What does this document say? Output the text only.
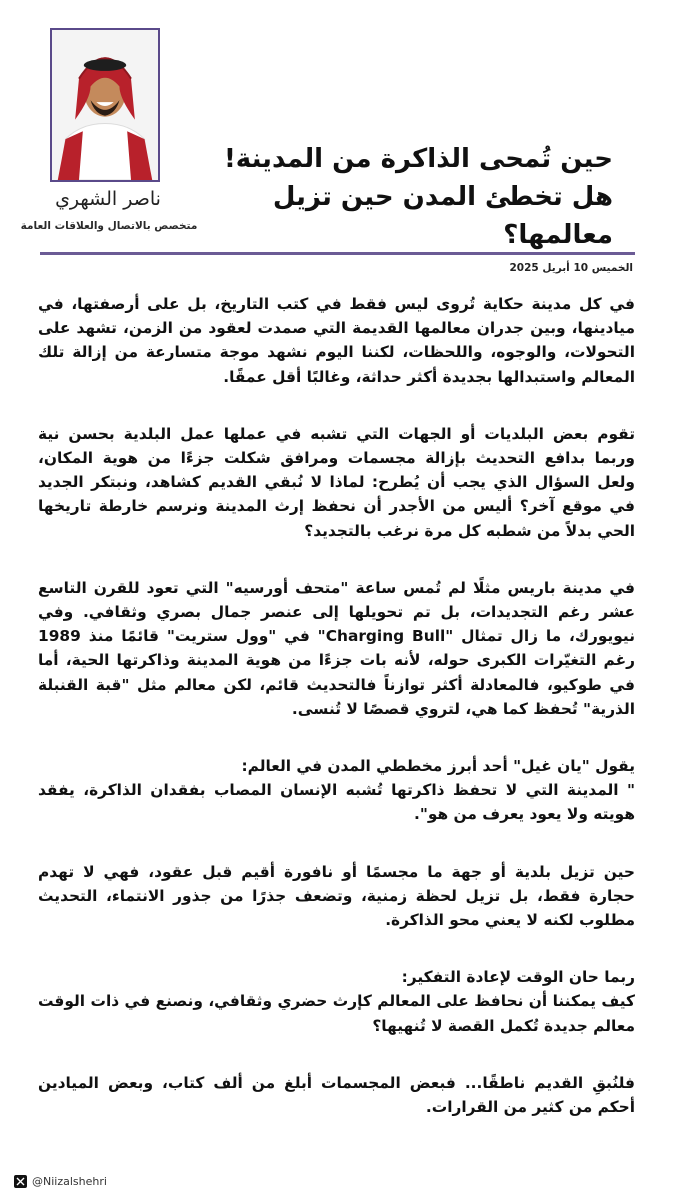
ناصر الشهري
متخصص بالاتصال والعلاقات العامة
حين تُمحى الذاكرة من المدينة!
هل تخطئ المدن حين تزيل معالمها؟
الخميس 10 أبريل 2025

في كل مدينة حكاية تُروى ليس فقط في كتب التاريخ، بل على أرصفتها، في ميادينها، وبين جدران معالمها القديمة التي صمدت لعقود من الزمن، تشهد على التحولات، والوجوه، واللحظات، لكننا اليوم نشهد موجة متسارعة من إزالة تلك المعالم واستبدالها بجديدة أكثر حداثة، وغالبًا أقل عمقًا.

تقوم بعض البلديات أو الجهات التي تشبه في عملها عمل البلدية بحسن نية وربما بدافع التحديث بإزالة مجسمات ومرافق شكلت جزءًا من هوية المكان، ولعل السؤال الذي يجب أن يُطرح: لماذا لا نُبقي القديم كشاهد، ونبتكر الجديد في موقع آخر؟ أليس من الأجدر أن نحفظ إرث المدينة ونرسم خارطة تاريخها الحي بدلاً من شطبه كل مرة نرغب بالتجديد؟

في مدينة باريس مثلًا لم تُمس ساعة "متحف أورسيه" التي تعود للقرن التاسع عشر رغم التجديدات، بل تم تحويلها إلى عنصر جمال بصري وثقافي. وفي نيويورك، ما زال تمثال "Charging Bull" في "وول ستريت" قائمًا منذ 1989 رغم التغيّرات الكبرى حوله، لأنه بات جزءًا من هوية المدينة وذاكرتها الحية، أما في طوكيو، فالمعادلة أكثر توازناً فالتحديث قائم، لكن معالم مثل "قبة القنبلة الذرية" تُحفظ كما هي، لتروي قصصًا لا تُنسى.

يقول "يان غيل" أحد أبرز مخططي المدن في العالم:
" المدينة التي لا تحفظ ذاكرتها تُشبه الإنسان المصاب بفقدان الذاكرة، يفقد هويته ولا يعود يعرف من هو".

حين تزيل بلدية أو جهة ما مجسمًا أو نافورة أقيم قبل عقود، فهي لا تهدم حجارة فقط، بل تزيل لحظة زمنية، وتضعف جذرًا من جذور الانتماء، التحديث مطلوب لكنه لا يعني محو الذاكرة.

ربما حان الوقت لإعادة التفكير:
كيف يمكننا أن نحافظ على المعالم كإرث حضري وثقافي، ونصنع في ذات الوقت معالم جديدة تُكمل القصة لا تُنهيها؟

فلنُبقِ القديم ناطقًا... فبعض المجسمات أبلغ من ألف كتاب، وبعض الميادين أحكم من كثير من القرارات.

@Niizalshehri
